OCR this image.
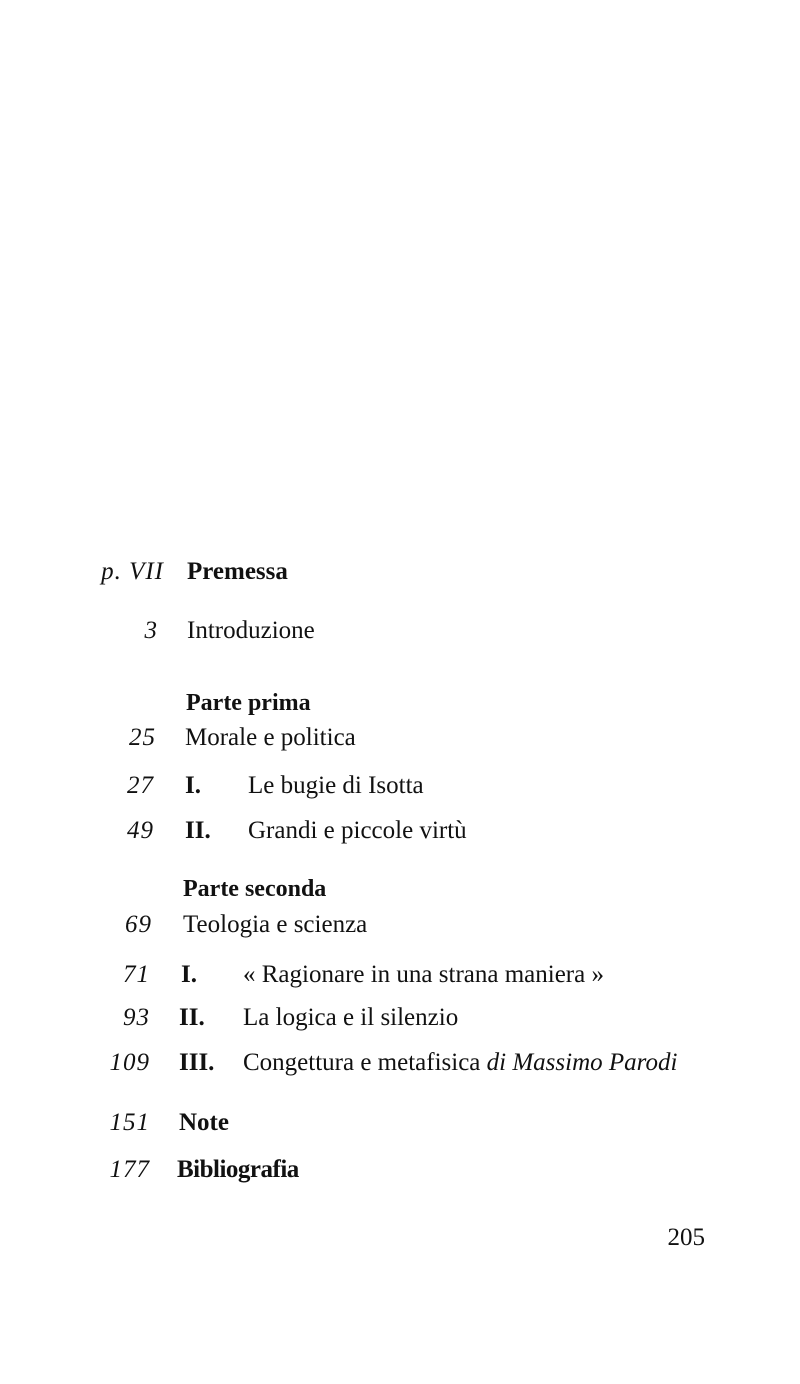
p. VII Premessa
3 Introduzione
Parte prima
25 Morale e politica
27 I. Le bugie di Isotta
49 II. Grandi e piccole virtù
Parte seconda
69 Teologia e scienza
71 I. « Ragionare in una strana maniera »
93 II. La logica e il silenzio
109 III. Congettura e metafisica di Massimo Parodi
151 Note
177 Bibliografia
205
